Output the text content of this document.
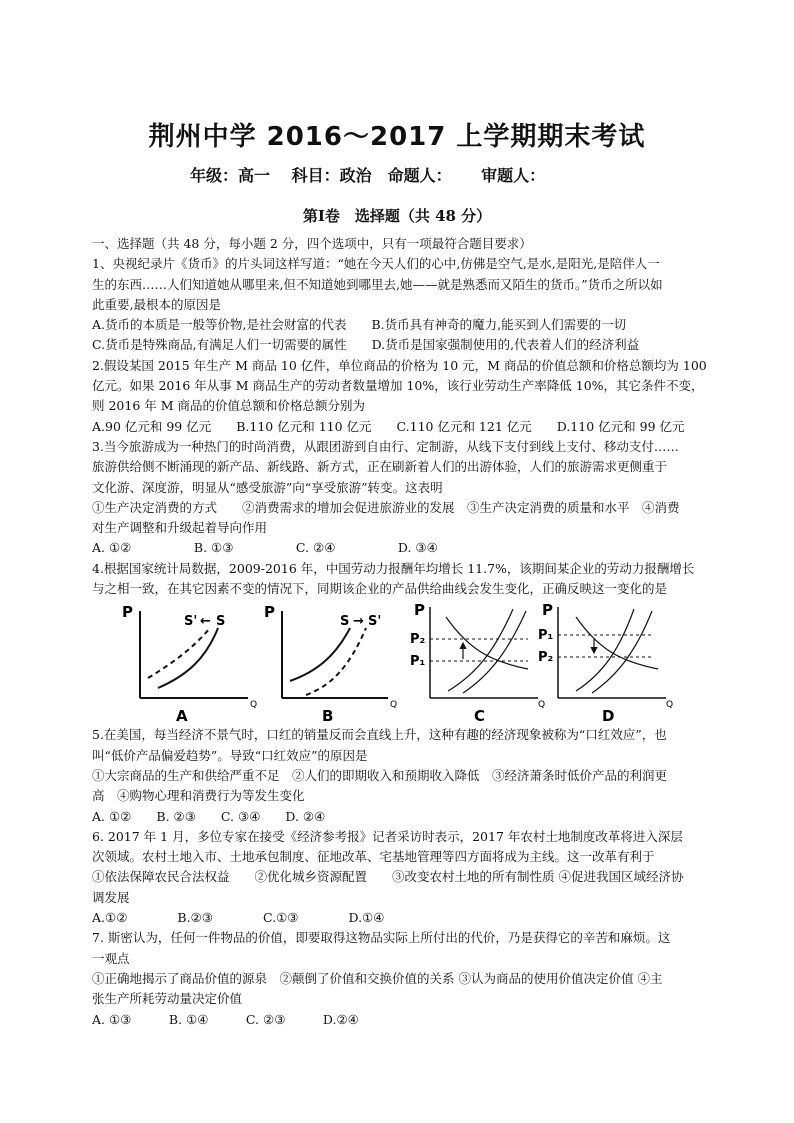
荆州中学 2016～2017 上学期期末考试
年级：高一　 科目：政治　命题人：　　 审题人：
第Ⅰ卷　选择题（共 48 分）
一、选择题（共 48 分，每小题 2 分，四个选项中，只有一项最符合题目要求）
1、央视纪录片《货币》的片头词这样写道：“她在今天人们的心中,仿佛是空气,是水,是阳光,是陪伴人一
生的东西……人们知道她从哪里来,但不知道她到哪里去,她——就是熟悉而又陌生的货币。”货币之所以如
此重要,最根本的原因是
A.货币的本质是一般等价物,是社会财富的代表　　B.货币具有神奇的魔力,能买到人们需要的一切
C.货币是特殊商品,有满足人们一切需要的属性　　D.货币是国家强制使用的,代表着人们的经济利益
2.假设某国 2015 年生产 M 商品 10 亿件，单位商品的价格为 10 元，M 商品的价值总额和价格总额均为 100
亿元。如果 2016 年从事 M 商品生产的劳动者数量增加 10%，该行业劳动生产率降低 10%，其它条件不变，
则 2016 年 M 商品的价值总额和价格总额分别为
A.90 亿元和 99 亿元　　B.110 亿元和 110 亿元　　C.110 亿元和 121 亿元　　D.110 亿元和 99 亿元
3.当今旅游成为一种热门的时尚消费，从跟团游到自由行、定制游，从线下支付到线上支付、移动支付……
旅游供给侧不断涌现的新产品、新线路、新方式，正在刷新着人们的出游体验，人们的旅游需求更侧重于
文化游、深度游，明显从“感受旅游”向“享受旅游”转变。这表明
①生产决定消费的方式　　②消费需求的增加会促进旅游业的发展　③生产决定消费的质量和水平　④消费
对生产调整和升级起着导向作用
A. ①②　　　　　B. ①③　　　　　C. ②④　　　　　D. ③④
4.根据国家统计局数据，2009-2016 年，中国劳动力报酬年均增长 11.7%，该期间某企业的劳动力报酬增长
与之相一致，在其它因素不变的情况下，同期该企业的产品供给曲线会发生变化，正确反映这一变化的是
P
Q
S' ← S
A
P
Q
S → S'
B
P
Q
P₂
P₁
C
P
Q
P₁
P₂
D
5.在美国，每当经济不景气时，口红的销量反而会直线上升，这种有趣的经济现象被称为“口红效应”，也
叫“低价产品偏爱趋势”。导致“口红效应”的原因是
①大宗商品的生产和供给严重不足　②人们的即期收入和预期收入降低　③经济萧条时低价产品的利润更
高　④购物心理和消费行为等发生变化
A. ①②　　B. ②③　　C. ③④　　D. ②④
6. 2017 年 1 月，多位专家在接受《经济参考报》记者采访时表示，2017 年农村土地制度改革将进入深层
次领域。农村土地入市、土地承包制度、征地改革、宅基地管理等四方面将成为主线。这一改革有利于
①依法保障农民合法权益　　②优化城乡资源配置　　③改变农村土地的所有制性质 ④促进我国区域经济协
调发展
A.①②　　　　B.②③　　　　C.①③　　　　D.①④
7. 斯密认为，任何一件物品的价值，即要取得这物品实际上所付出的代价，乃是获得它的辛苦和麻烦。这
一观点
①正确地揭示了商品价值的源泉　②颠倒了价值和交换价值的关系 ③认为商品的使用价值决定价值 ④主
张生产所耗劳动量决定价值
A. ①③　　　B. ①④　　　C. ②③　　　D.②④
